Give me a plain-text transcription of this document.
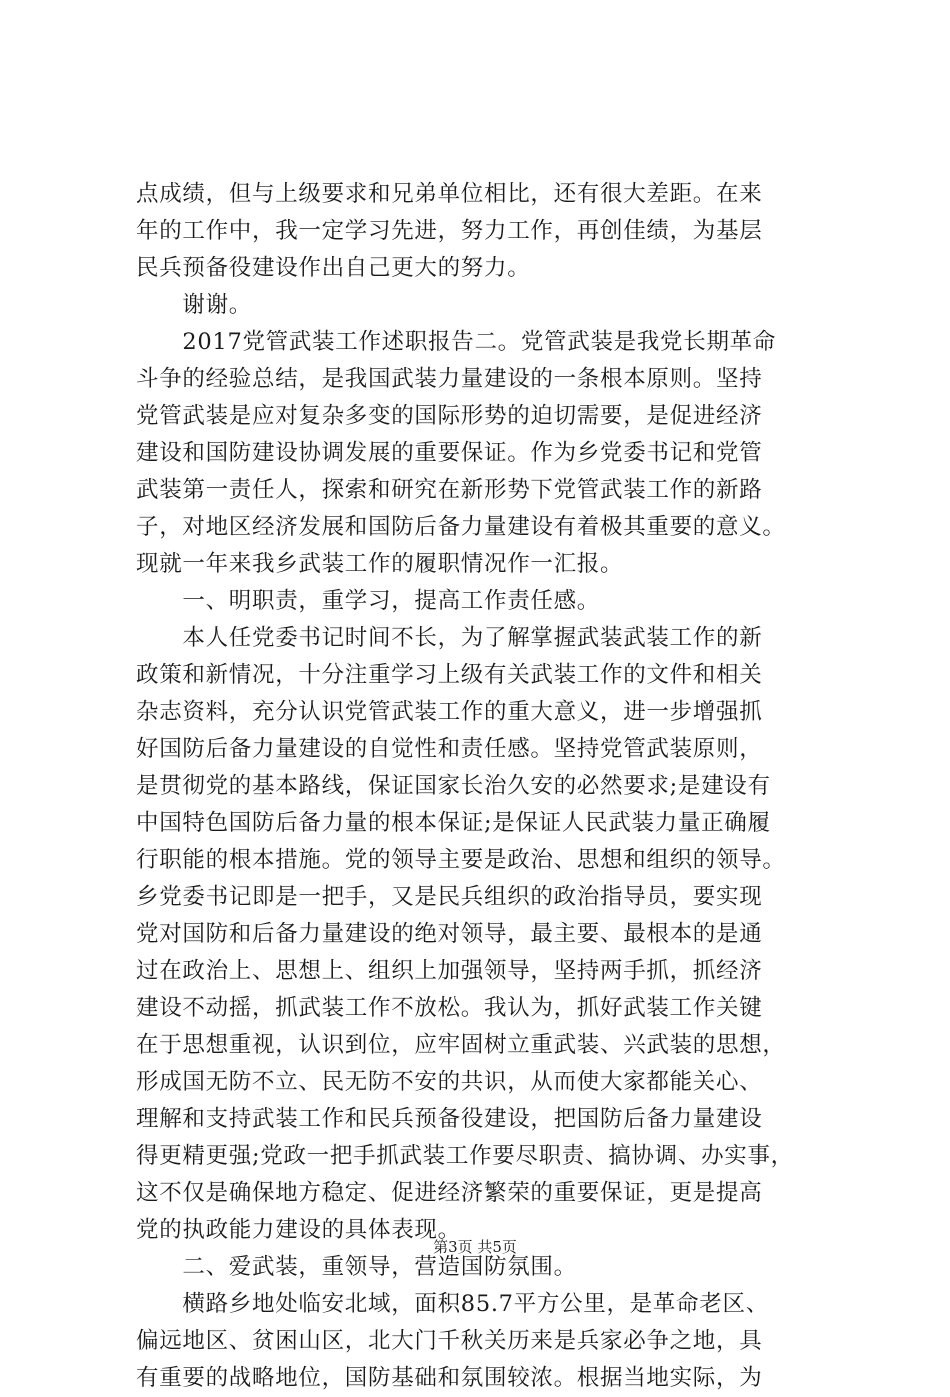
点成绩，但与上级要求和兄弟单位相比，还有很大差距。在来
年的工作中，我一定学习先进，努力工作，再创佳绩，为基层
民兵预备役建设作出自己更大的努力。
　　谢谢。
　　2017党管武装工作述职报告二。党管武装是我党长期革命
斗争的经验总结，是我国武装力量建设的一条根本原则。坚持
党管武装是应对复杂多变的国际形势的迫切需要，是促进经济
建设和国防建设协调发展的重要保证。作为乡党委书记和党管
武装第一责任人，探索和研究在新形势下党管武装工作的新路
子，对地区经济发展和国防后备力量建设有着极其重要的意义。
现就一年来我乡武装工作的履职情况作一汇报。
　　一、明职责，重学习，提高工作责任感。
　　本人任党委书记时间不长，为了解掌握武装武装工作的新
政策和新情况，十分注重学习上级有关武装工作的文件和相关
杂志资料，充分认识党管武装工作的重大意义，进一步增强抓
好国防后备力量建设的自觉性和责任感。坚持党管武装原则，
是贯彻党的基本路线，保证国家长治久安的必然要求;是建设有
中国特色国防后备力量的根本保证;是保证人民武装力量正确履
行职能的根本措施。党的领导主要是政治、思想和组织的领导。
乡党委书记即是一把手，又是民兵组织的政治指导员，要实现
党对国防和后备力量建设的绝对领导，最主要、最根本的是通
过在政治上、思想上、组织上加强领导，坚持两手抓，抓经济
建设不动摇，抓武装工作不放松。我认为，抓好武装工作关键
在于思想重视，认识到位，应牢固树立重武装、兴武装的思想，
形成国无防不立、民无防不安的共识，从而使大家都能关心、
理解和支持武装工作和民兵预备役建设，把国防后备力量建设
得更精更强;党政一把手抓武装工作要尽职责、搞协调、办实事，
这不仅是确保地方稳定、促进经济繁荣的重要保证，更是提高
党的执政能力建设的具体表现。
　　二、爱武装，重领导，营造国防氛围。
　　横路乡地处临安北域，面积85.7平方公里，是革命老区、
偏远地区、贫困山区，北大门千秋关历来是兵家必争之地，具
有重要的战略地位，国防基础和氛围较浓。根据当地实际，为
第3页 共5页
